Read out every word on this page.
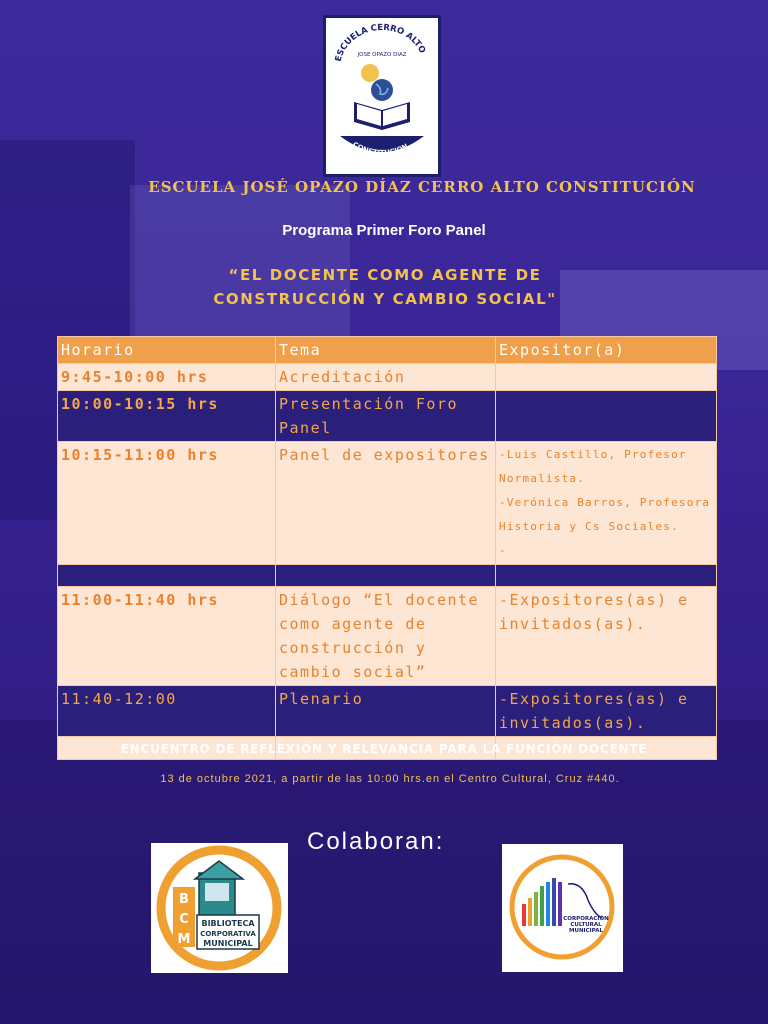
ESCUELA CERRO ALTO
JOSE OPAZO DIAZ
CONSTITUCION
ESCUELA JOSÉ OPAZO DÍAZ CERRO ALTO CONSTITUCIÓN
Programa Primer Foro Panel
“EL DOCENTE COMO AGENTE DE
CONSTRUCCIÓN Y CAMBIO SOCIAL"
Horario	Tema	Expositor(a)
9:45-10:00 hrs	Acreditación	
10:00-10:15 hrs	Presentación Foro Panel	
10:15-11:00 hrs	Panel de expositores	-Luis Castillo, Profesor Normalista.
-Verónica Barros, Profesora Historia y Cs Sociales.
-

11:00-11:40 hrs	Diálogo “El docente como agente de construcción y cambio social”	-Expositores(as) e invitados(as).
11:40-12:00	Plenario	-Expositores(as) e invitados(as).

ENCUENTRO DE REFLEXIÓN Y RELEVANCIA PARA LA FUNCIÓN DOCENTE
13 de octubre 2021, a partir de las 10:00 hrs.en el Centro Cultural, Cruz #440.
Colaboran:
B
C
M
BIBLIOTECA
CORPORATIVA
MUNICIPAL
CORPORACIÓN
CULTURAL
MUNICIPAL
